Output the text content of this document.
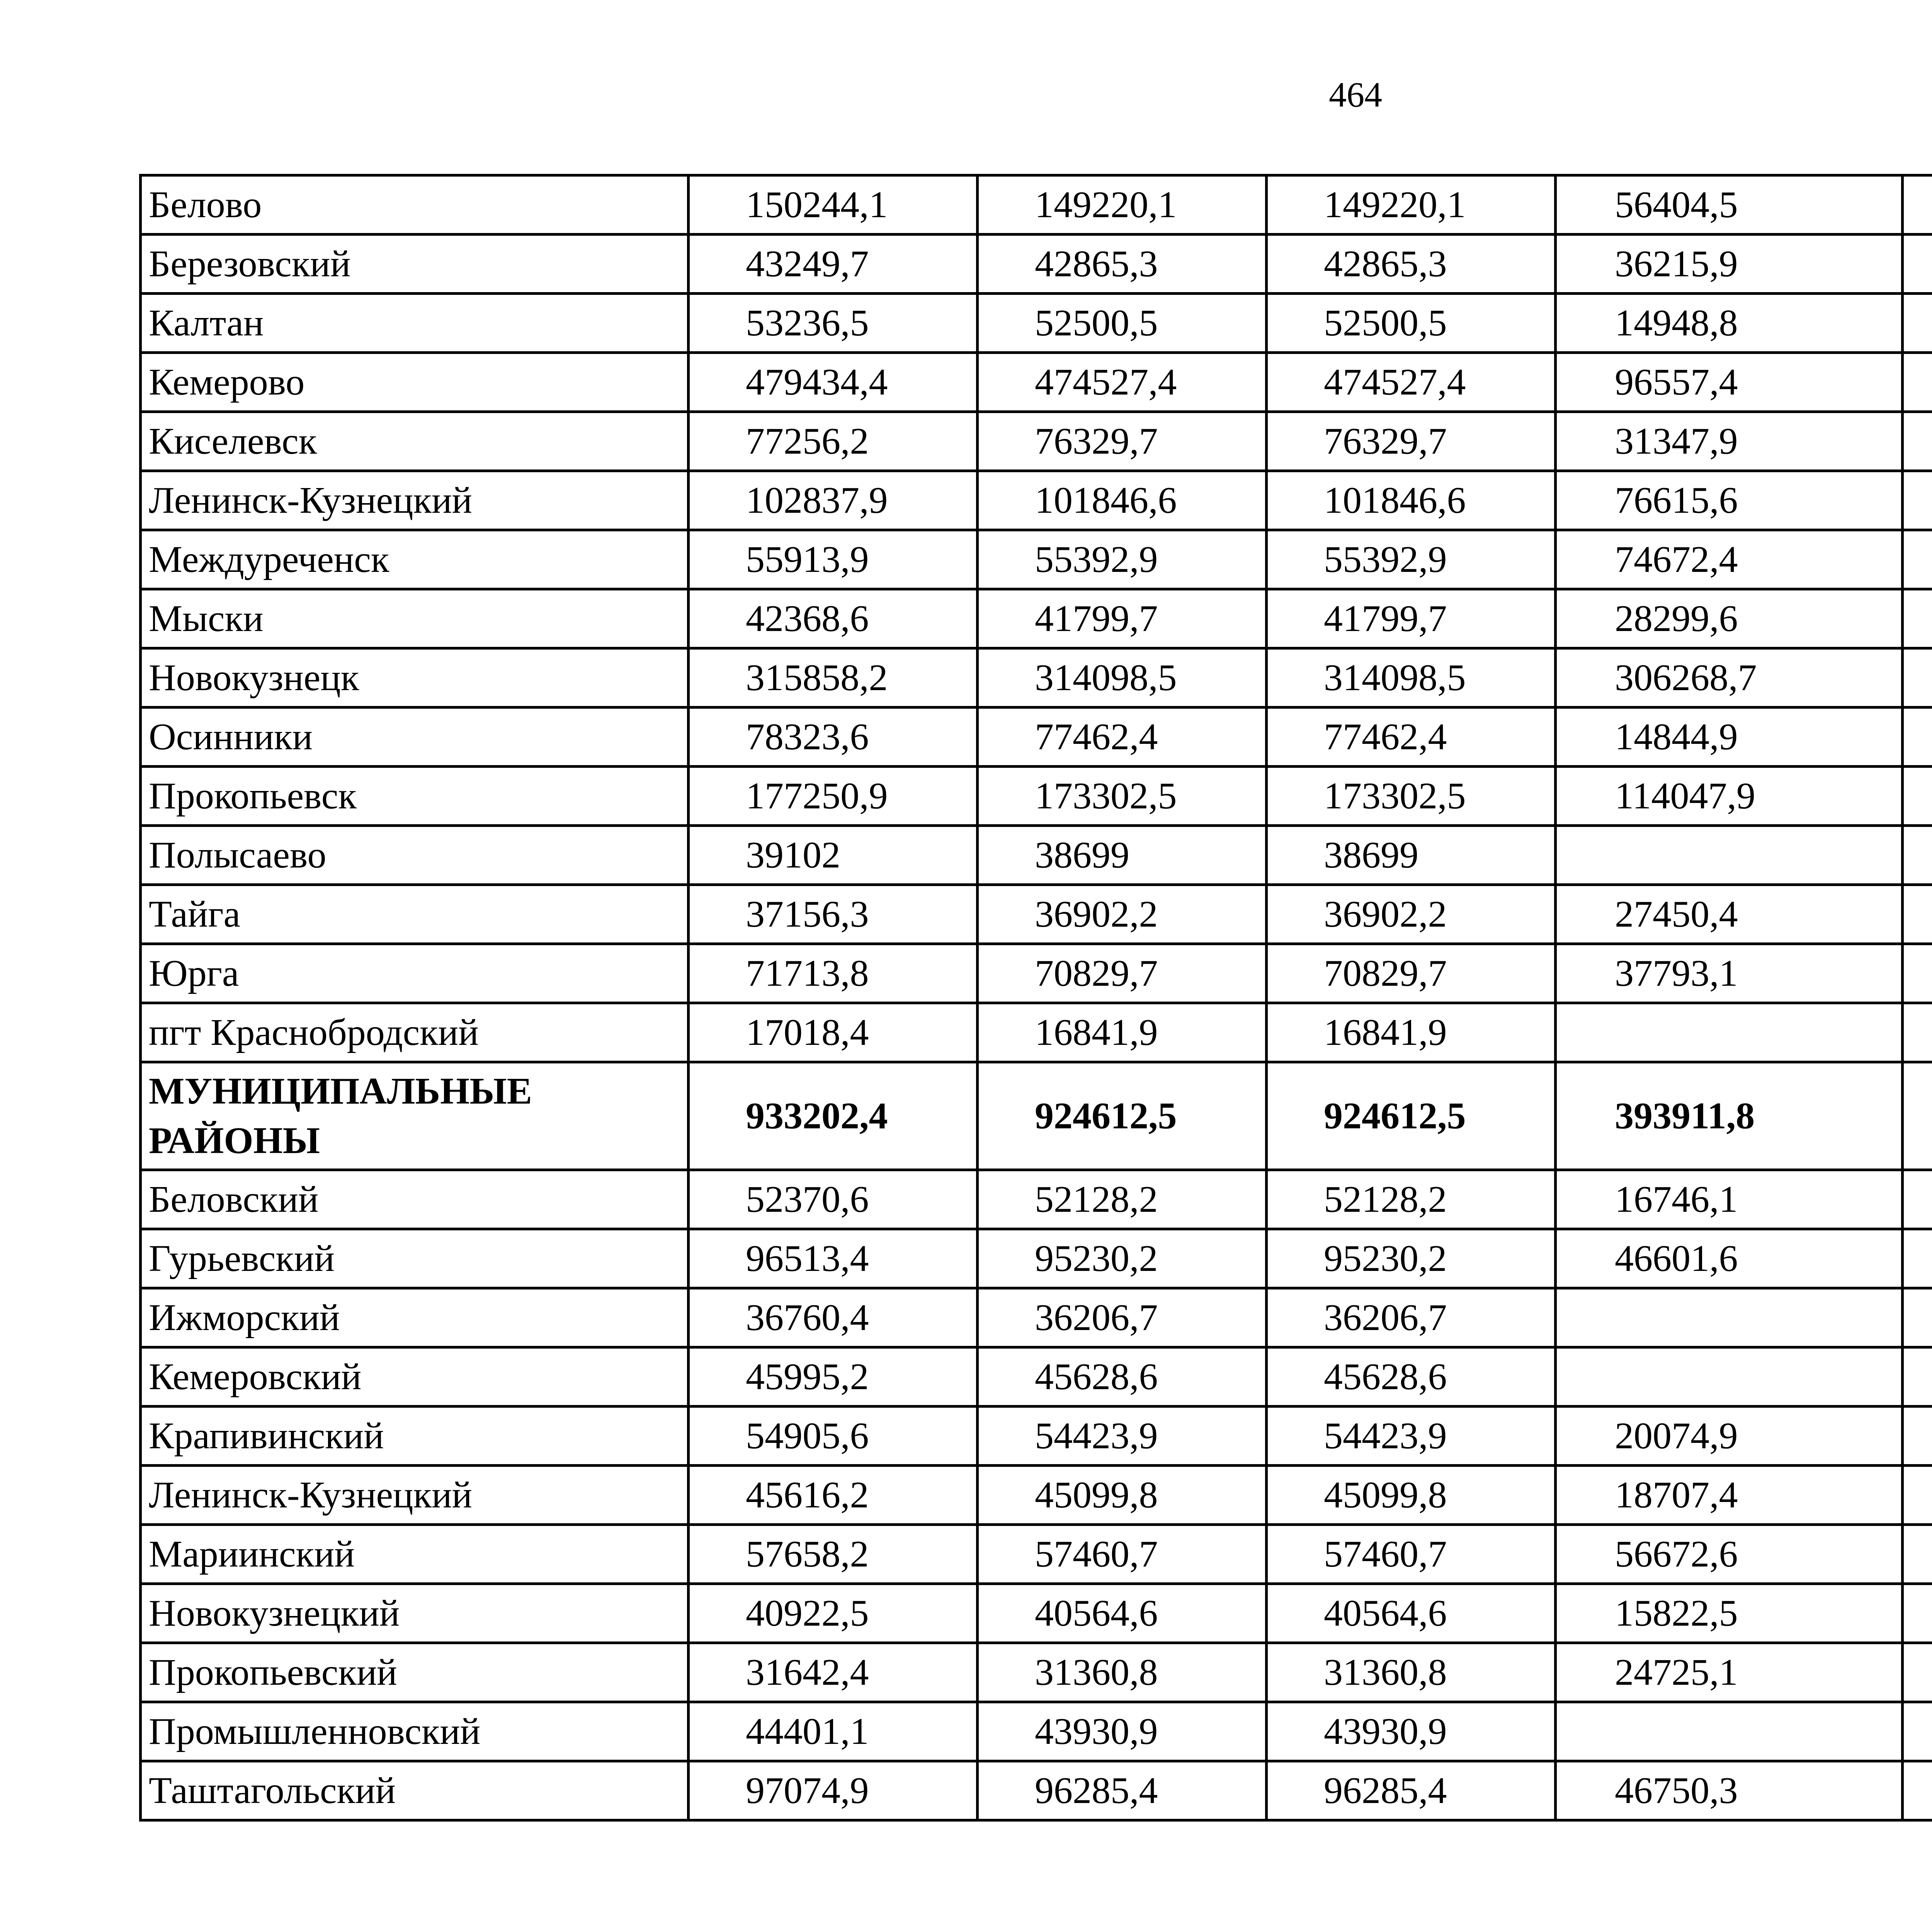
464
Белово	150244,1	149220,1	149220,1	56404,5		
Березовский	43249,7	42865,3	42865,3	36215,9		
Калтан	53236,5	52500,5	52500,5	14948,8		
Кемерово	479434,4	474527,4	474527,4	96557,4		
Киселевск	77256,2	76329,7	76329,7	31347,9		
Ленинск-Кузнецкий	102837,9	101846,6	101846,6	76615,6		
Междуреченск	55913,9	55392,9	55392,9	74672,4		
Мыски	42368,6	41799,7	41799,7	28299,6		
Новокузнецк	315858,2	314098,5	314098,5	306268,7		
Осинники	78323,6	77462,4	77462,4	14844,9		
Прокопьевск	177250,9	173302,5	173302,5	114047,9		
Полысаево	39102	38699	38699			
Тайга	37156,3	36902,2	36902,2	27450,4		
Юрга	71713,8	70829,7	70829,7	37793,1		
пгт Краснобродский	17018,4	16841,9	16841,9			
МУНИЦИПАЛЬНЫЕ РАЙОНЫ	933202,4	924612,5	924612,5	393911,8		
Беловский	52370,6	52128,2	52128,2	16746,1		
Гурьевский	96513,4	95230,2	95230,2	46601,6		
Ижморский	36760,4	36206,7	36206,7			
Кемеровский	45995,2	45628,6	45628,6			
Крапивинский	54905,6	54423,9	54423,9	20074,9		
Ленинск-Кузнецкий	45616,2	45099,8	45099,8	18707,4		
Мариинский	57658,2	57460,7	57460,7	56672,6		
Новокузнецкий	40922,5	40564,6	40564,6	15822,5		
Прокопьевский	31642,4	31360,8	31360,8	24725,1		
Промышленновский	44401,1	43930,9	43930,9			
Таштагольский	97074,9	96285,4	96285,4	46750,3		
